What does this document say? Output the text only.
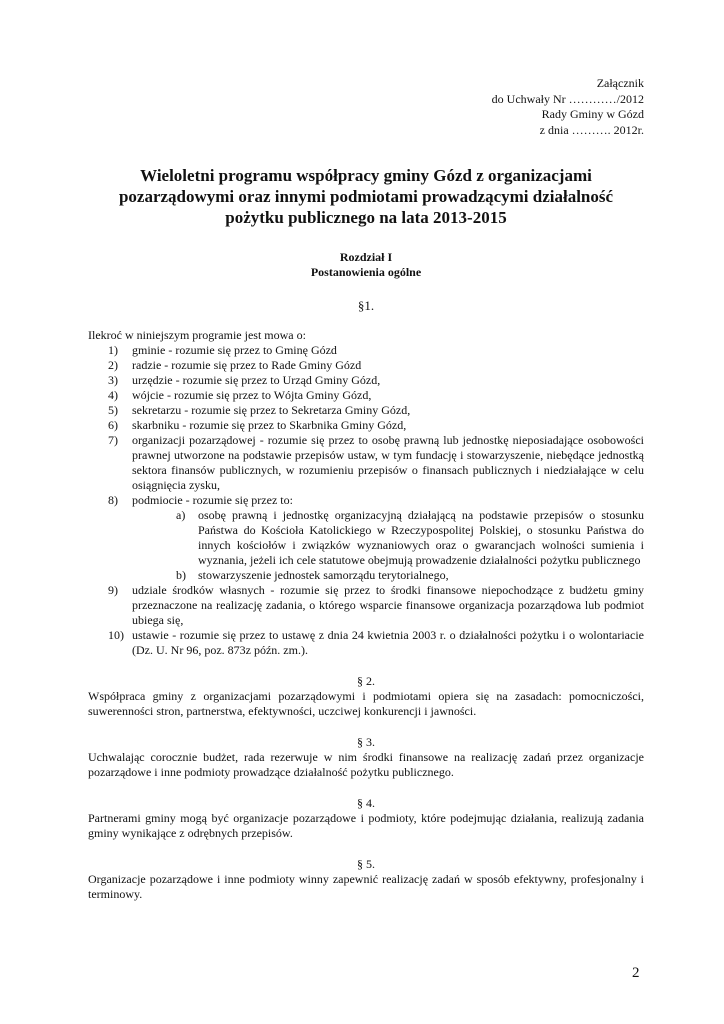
Załącznik
do Uchwały Nr …………/2012
Rady Gminy w Gózd
z dnia ………. 2012r.
Wieloletni programu współpracy gminy Gózd z organizacjami
pozarządowymi oraz innymi podmiotami prowadzącymi działalność
pożytku publicznego na lata 2013-2015
Rozdział I
Postanowienia ogólne
§1.
Ilekroć w niniejszym programie jest mowa o:
1) gminie - rozumie się przez to Gminę Gózd
2) radzie - rozumie się przez to Rade Gminy Gózd
3) urzędzie - rozumie się przez to Urząd Gminy Gózd,
4) wójcie - rozumie się przez to Wójta Gminy Gózd,
5) sekretarzu - rozumie się przez to Sekretarza Gminy Gózd,
6) skarbniku - rozumie się przez to Skarbnika Gminy Gózd,
7) organizacji pozarządowej - rozumie się przez to osobę prawną lub jednostkę nieposiadające osobowości prawnej utworzone na podstawie przepisów ustaw, w tym fundację i stowarzyszenie, niebędące jednostką sektora finansów publicznych, w rozumieniu przepisów o finansach publicznych i niedziałające w celu osiągnięcia zysku,
8) podmiocie - rozumie się przez to:
a) osobę prawną i jednostkę organizacyjną działającą na podstawie przepisów o stosunku Państwa do Kościoła Katolickiego w Rzeczypospolitej Polskiej, o stosunku Państwa do innych kościołów i związków wyznaniowych oraz o gwarancjach wolności sumienia i wyznania, jeżeli ich cele statutowe obejmują prowadzenie działalności pożytku publicznego
b) stowarzyszenie jednostek samorządu terytorialnego,
9) udziale środków własnych - rozumie się przez to środki finansowe niepochodzące z budżetu gminy przeznaczone na realizację zadania, o którego wsparcie finansowe organizacja pozarządowa lub podmiot ubiega się,
10) ustawie - rozumie się przez to ustawę z dnia 24 kwietnia 2003 r. o działalności pożytku i o wolontariacie (Dz. U. Nr 96, poz. 873z późn. zm.).
§ 2.
Współpraca gminy z organizacjami pozarządowymi i podmiotami opiera się na zasadach: pomocniczości, suwerenności stron, partnerstwa, efektywności, uczciwej konkurencji i jawności.
§ 3.
Uchwalając corocznie budżet, rada rezerwuje w nim środki finansowe na realizację zadań przez organizacje pozarządowe i inne podmioty prowadzące działalność pożytku publicznego.
§ 4.
Partnerami gminy mogą być organizacje pozarządowe i podmioty, które podejmując działania, realizują zadania gminy wynikające z odrębnych przepisów.
§ 5.
Organizacje pozarządowe i inne podmioty winny zapewnić realizację zadań w sposób efektywny, profesjonalny i terminowy.
2
